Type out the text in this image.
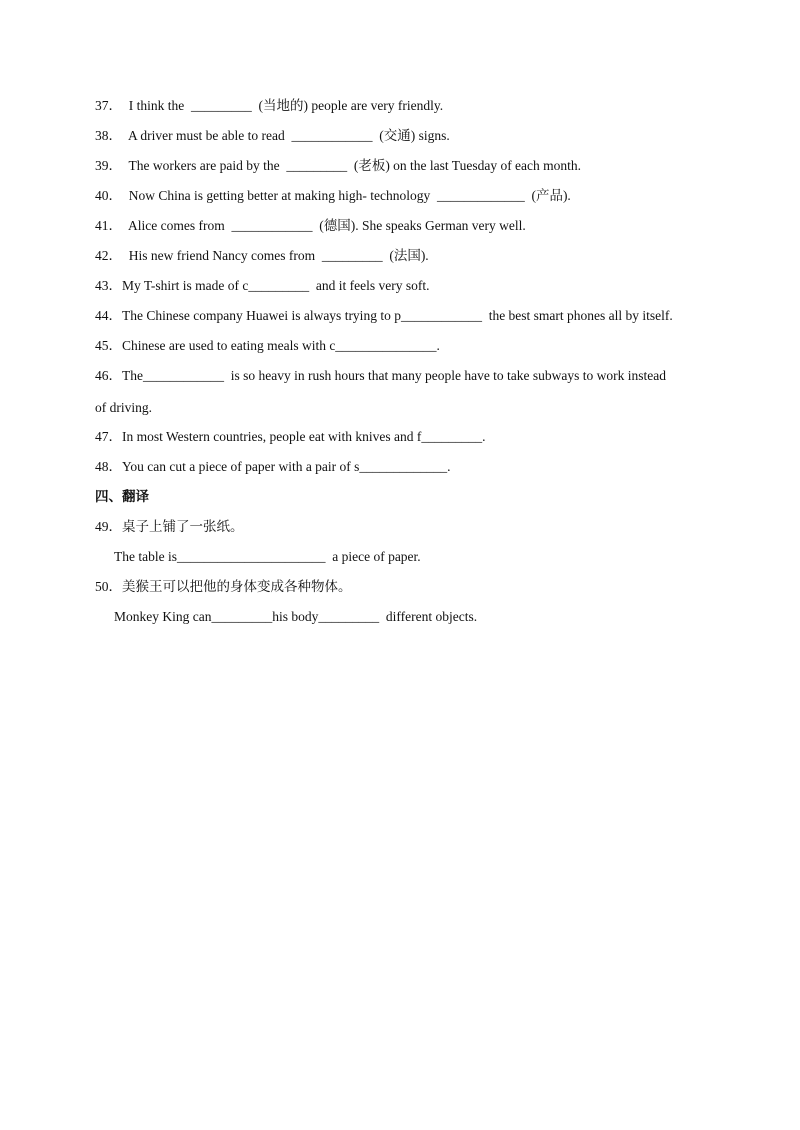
37．  I think the  _________  (当地的) people are very friendly.
38．  A driver must be able to read  ____________  (交通) signs.
39．  The workers are paid by the  _________  (老板) on the last Tuesday of each month.
40．  Now China is getting better at making high- technology  _____________  (产品).
41．  Alice comes from  ____________  (德国). She speaks German very well.
42．  His new friend Nancy comes from  _________  (法国).
43．My T-shirt is made of c_________  and it feels very soft.
44．The Chinese company Huawei is always trying to p____________  the best smart phones all by itself.
45．Chinese are used to eating meals with c_______________.
46．The____________  is so heavy in rush hours that many people have to take subways to work instead
of driving.
47．In most Western countries, people eat with knives and f_________.
48．You can cut a piece of paper with a pair of s_____________.
四、翻译
49．桌子上铺了一张纸。
The table is______________________  a piece of paper.
50．美猴王可以把他的身体变成各种物体。
Monkey King can_________his body_________  different objects.
